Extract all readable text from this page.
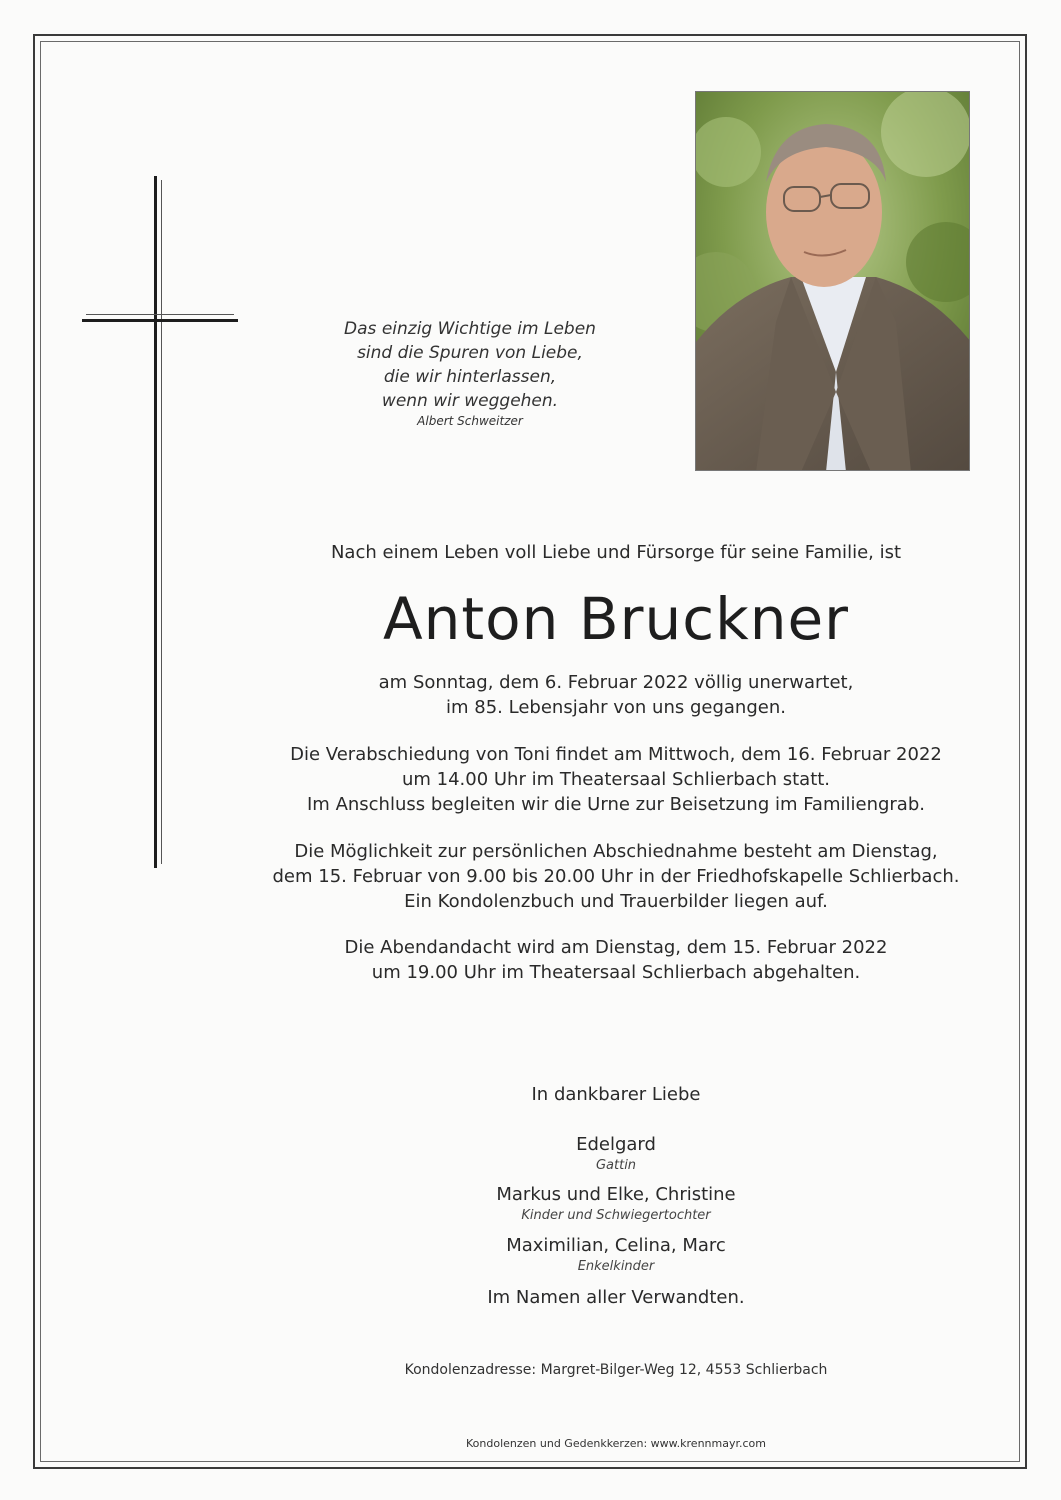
Das einzig Wichtige im Leben
sind die Spuren von Liebe,
die wir hinterlassen,
wenn wir weggehen.
Albert Schweitzer
Nach einem Leben voll Liebe und Fürsorge für seine Familie, ist
Anton Bruckner
am Sonntag, dem 6. Februar 2022 völlig unerwartet,
im 85. Lebensjahr von uns gegangen.
Die Verabschiedung von Toni findet am Mittwoch, dem 16. Februar 2022
um 14.00 Uhr im Theatersaal Schlierbach statt.
Im Anschluss begleiten wir die Urne zur Beisetzung im Familiengrab.
Die Möglichkeit zur persönlichen Abschiednahme besteht am Dienstag,
dem 15. Februar von 9.00 bis 20.00 Uhr in der Friedhofskapelle Schlierbach.
Ein Kondolenzbuch und Trauerbilder liegen auf.
Die Abendandacht wird am Dienstag, dem 15. Februar 2022
um 19.00 Uhr im Theatersaal Schlierbach abgehalten.
In dankbarer Liebe
Edelgard
Gattin
Markus und Elke, Christine
Kinder und Schwiegertochter
Maximilian, Celina, Marc
Enkelkinder
Im Namen aller Verwandten.
Kondolenzadresse: Margret-Bilger-Weg 12, 4553 Schlierbach
Kondolenzen und Gedenkkerzen: www.krennmayr.com
